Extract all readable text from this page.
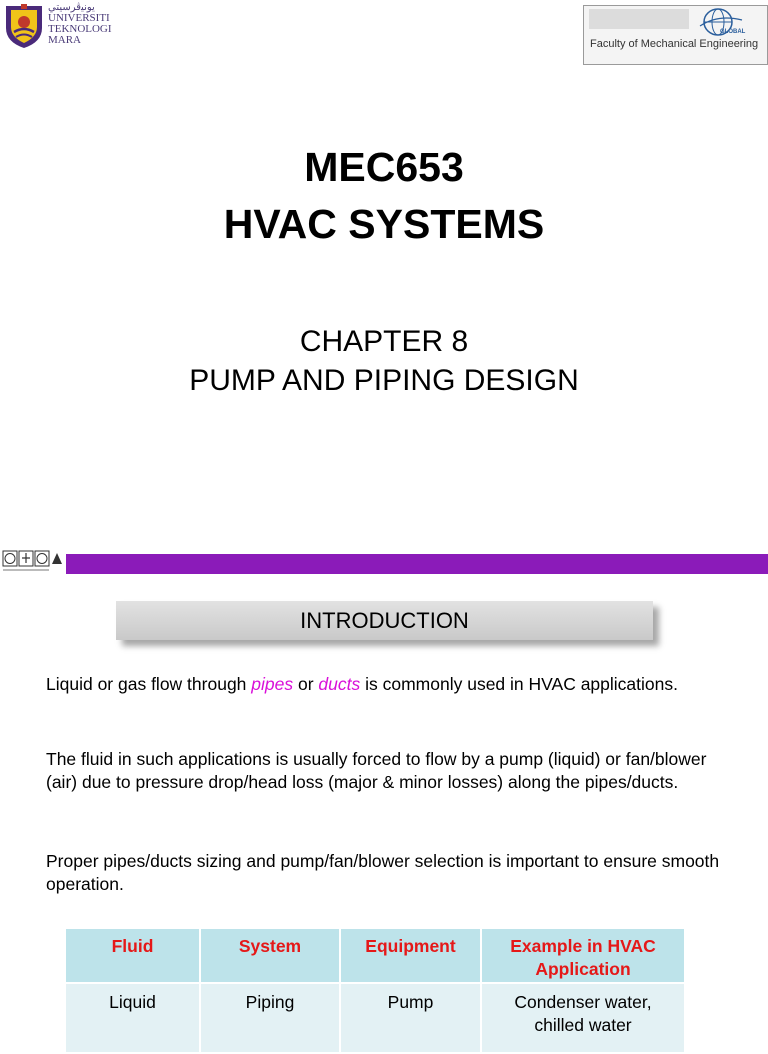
ﻳﻮﻧﻴﭬﺮﺳﻴﺘﻲ
UNIVERSITI
TEKNOLOGI
MARA
GLOBAL
Faculty of Mechanical Engineering
MEC653
HVAC SYSTEMS
CHAPTER 8
PUMP AND PIPING DESIGN
INTRODUCTION

Liquid or gas flow through pipes or ducts is commonly used in HVAC applications.

The fluid in such applications is usually forced to flow by a pump (liquid) or fan/blower (air) due to pressure drop/head loss (major & minor losses) along the pipes/ducts.

Proper pipes/ducts sizing and pump/fan/blower selection is important to ensure smooth operation.

Fluid	System	Equipment	Example in HVAC Application
Liquid	Piping	Pump	Condenser water, chilled water
